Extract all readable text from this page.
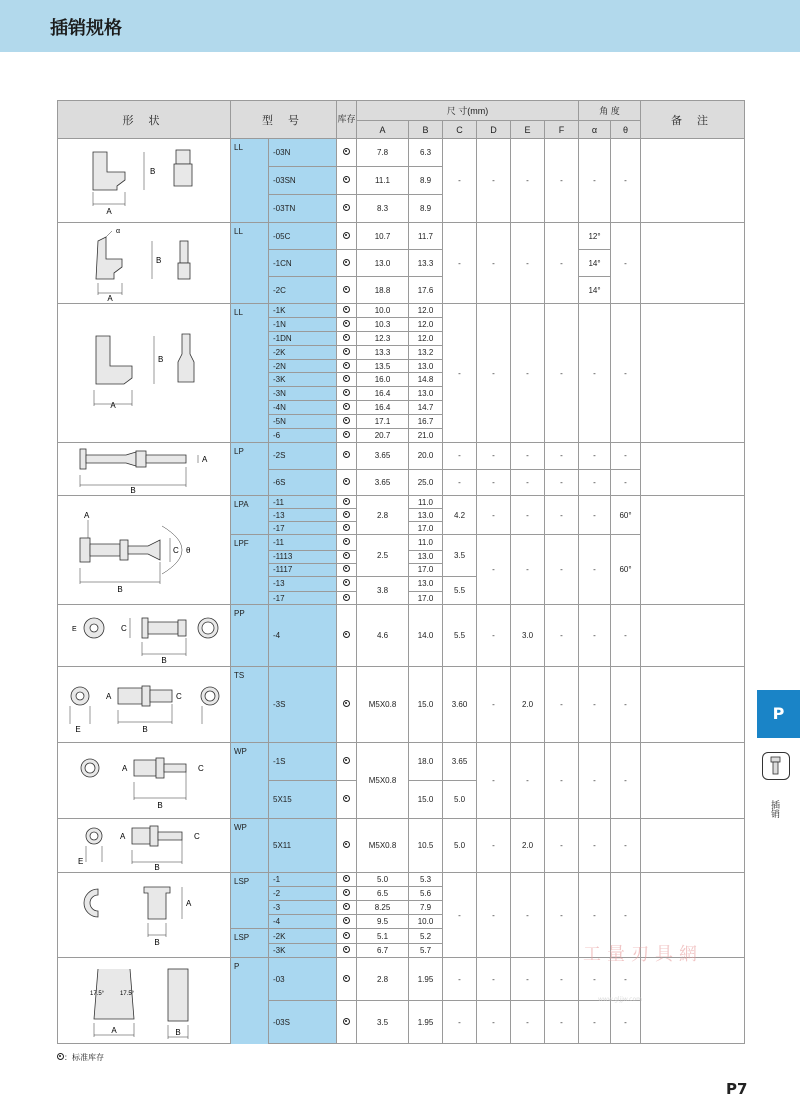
插销规格
形 状	型 号		库存	尺 寸(mm)						角 度		备 注
				A	B	C	D	E	F	α	θ	

A
B	LL	-03N		7.8	6.3	-	-	-	-	-	-	
		-03SN		11.1	8.9							
		-03TN		8.3	8.9							

α
A
B	LL	-05C		10.7	11.7	-	-	-	-	12°	-	
		-1CN		13.0	13.3					14°		
		-2C		18.8	17.6					14°		

A
B	LL	-1K		10.0	12.0	-	-	-	-	-	-	
		-1N		10.3	12.0							
		-1DN		12.3	12.0							
		-2K		13.3	13.2							
		-2N		13.5	13.0							
		-3K		16.0	14.8							
		-3N		16.4	13.0							
		-4N		16.4	14.7							
		-5N		17.1	16.7							
		-6		20.7	21.0							

B
A	LP	-2S		3.65	20.0	-	-	-	-	-	-	
		-6S		3.65	25.0	-	-	-	-	-	-	

B
A
C θ	LPA	-11		2.8	11.0	4.2	-	-	-	-	60°	
		-13			13.0							
		-17			17.0							
	LPF	-11		2.5	11.0	3.5	-	-	-	-	60°	
		-1113			13.0							
		-1117			17.0							
		-13		3.8	13.0	5.5						
		-17			17.0							

B
C
E	PP	-4		4.6	14.0	5.5	-	3.0	-	-	-	

B
C
A
E	TS	-3S		M5X0.8	15.0	3.60	-	2.0	-	-	-	

B
A C	WP	-1S		M5X0.8	18.0	3.65	-	-	-	-	-	
		5X15			15.0	5.0						

B
A C
E	WP	5X11		M5X0.8	10.5	5.0	-	2.0	-	-	-	

B
A	LSP	-1		5.0	5.3	-	-	-	-	-	-	
		-2		6.5	5.6							
		-3		8.25	7.9							
		-4		9.5	10.0							
	LSP	-2K		5.1	5.2							
		-3K		6.7	5.7							

17.5° 17.5°
A B	P	-03		2.8	1.95	-	-	-	-	-	-	
		-03S		3.5	1.95	-	-	-	-	-	-	
：标准库存
P
插销
工量刃具網
www.gljjw.com
P7
